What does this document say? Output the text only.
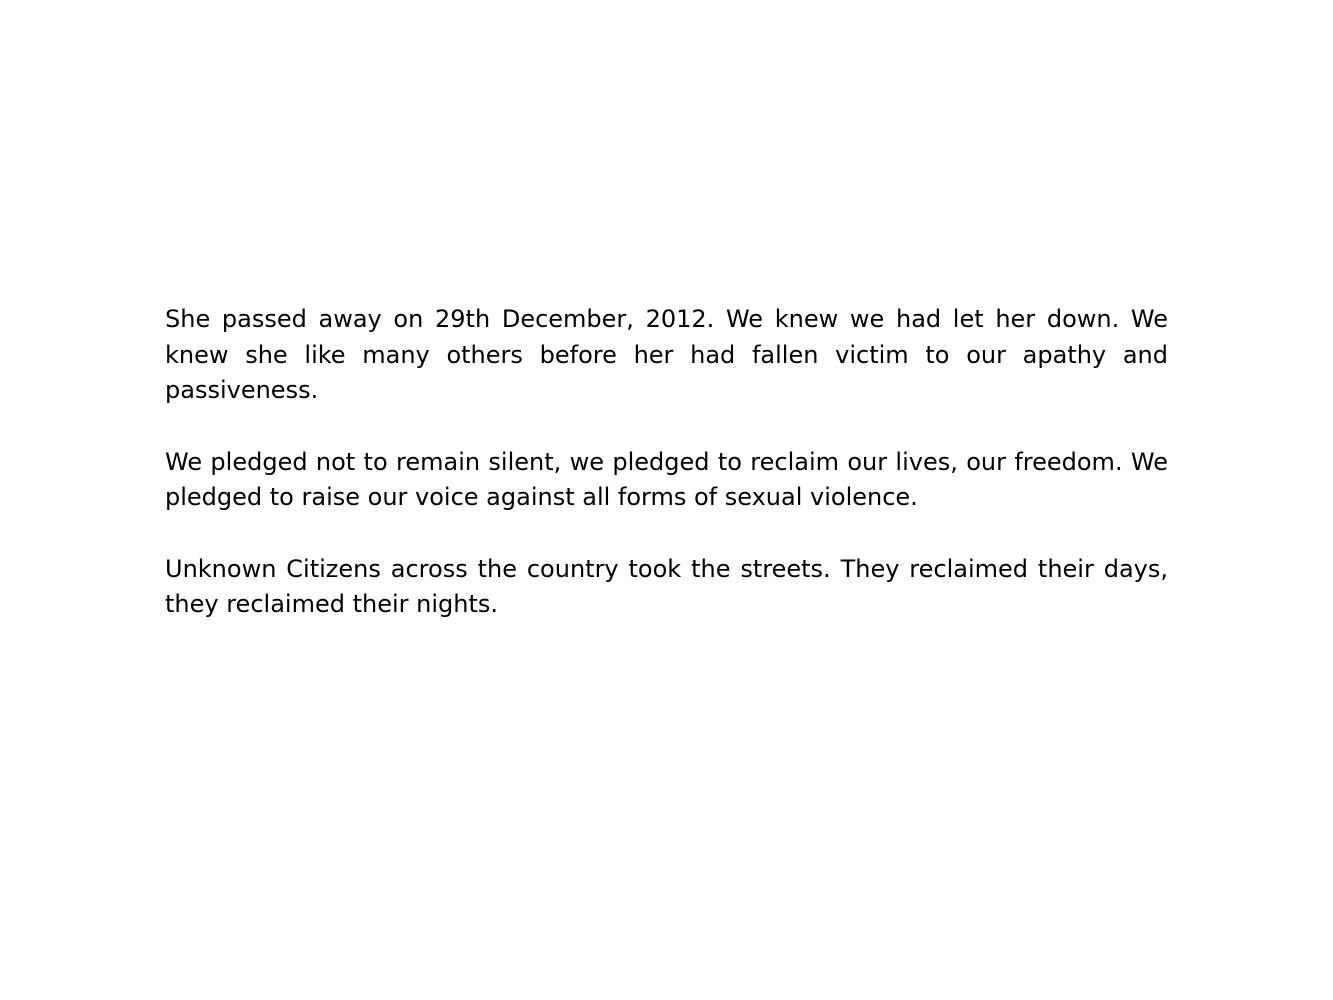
She passed away on 29th December, 2012. We knew we had let her down. We knew she like many others before her had fallen victim to our apathy and passiveness.

We pledged not to remain silent, we pledged to reclaim our lives, our freedom. We pledged to raise our voice against all forms of sexual violence.

Unknown Citizens across the country took the streets. They reclaimed their days, they reclaimed their nights.
